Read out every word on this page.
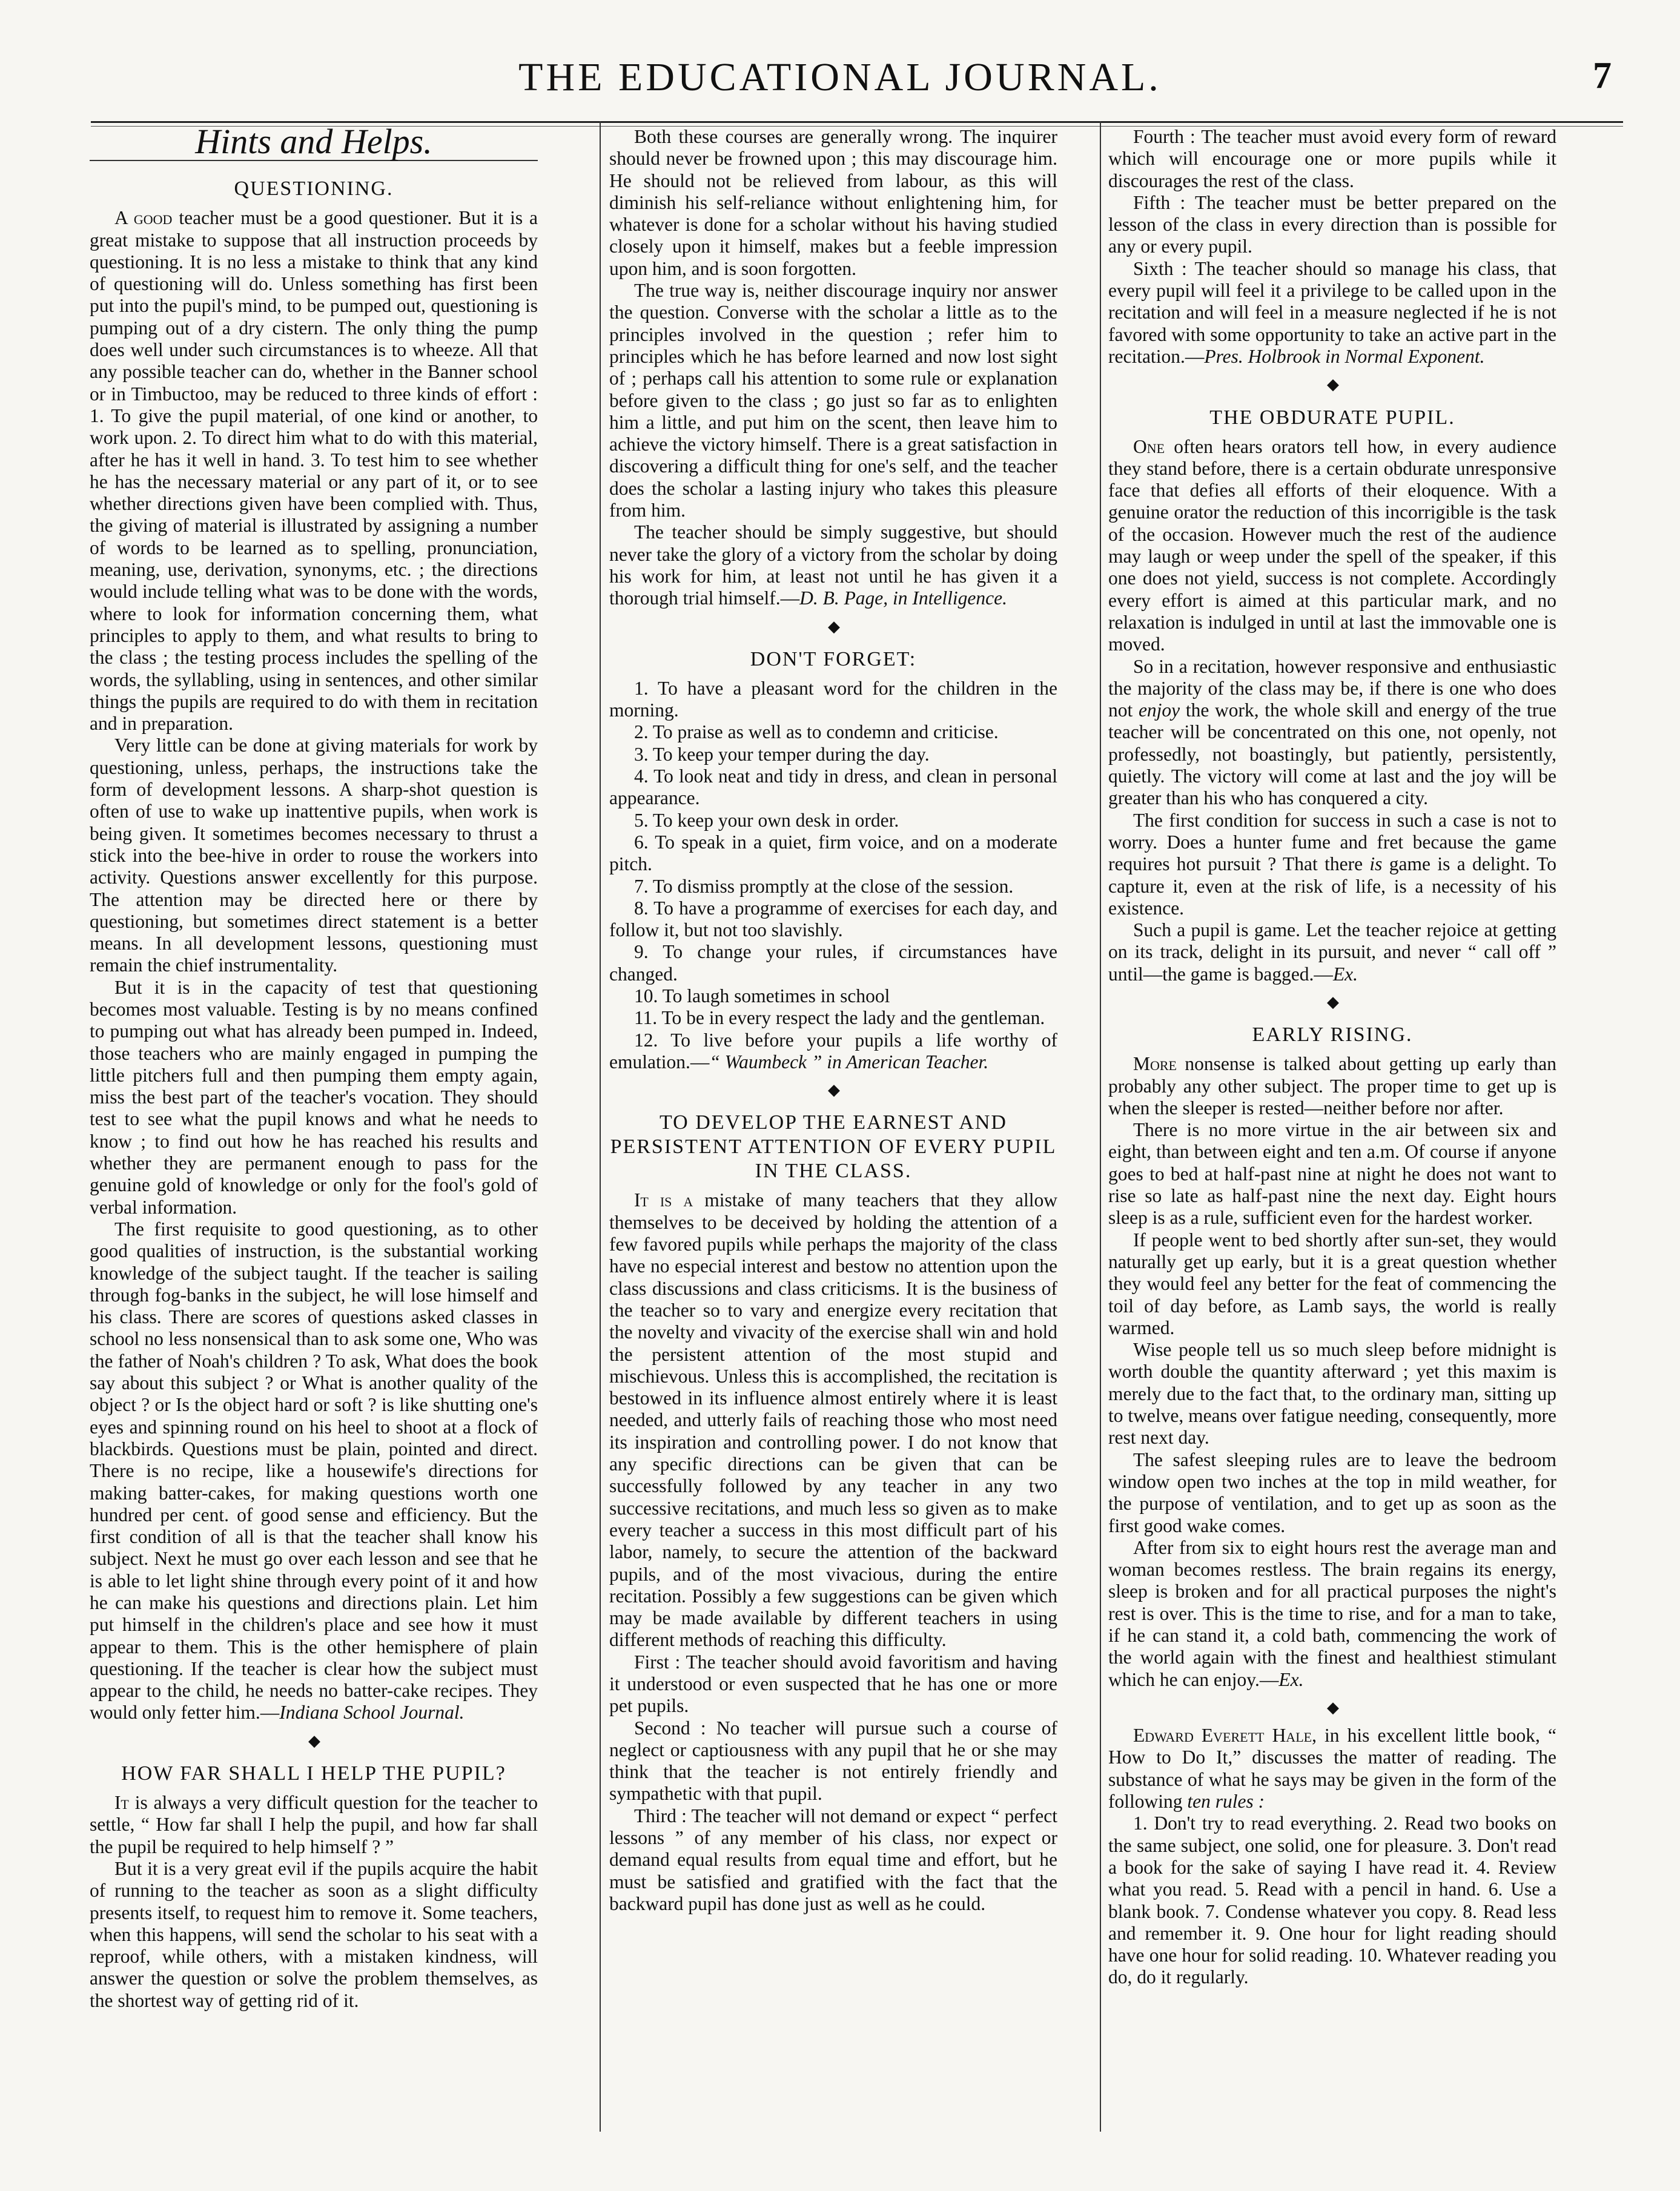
THE EDUCATIONAL JOURNAL.	7
Hints and Helps.
QUESTIONING.

A good teacher must be a good questioner. But it is a great mistake to suppose that all instruction proceeds by questioning. It is no less a mistake to think that any kind of questioning will do. Unless something has first been put into the pupil's mind, to be pumped out, questioning is pumping out of a dry cistern. The only thing the pump does well under such circumstances is to wheeze. All that any possible teacher can do, whether in the Banner school or in Timbuctoo, may be reduced to three kinds of effort : 1. To give the pupil material, of one kind or another, to work upon. 2. To direct him what to do with this material, after he has it well in hand. 3. To test him to see whether he has the necessary material or any part of it, or to see whether directions given have been complied with. Thus, the giving of material is illustrated by assigning a number of words to be learned as to spelling, pronunciation, meaning, use, derivation, synonyms, etc. ; the directions would include telling what was to be done with the words, where to look for information concerning them, what principles to apply to them, and what results to bring to the class ; the testing process includes the spelling of the words, the syllabling, using in sentences, and other similar things the pupils are required to do with them in recitation and in preparation.

Very little can be done at giving materials for work by questioning, unless, perhaps, the instructions take the form of development lessons. A sharp-shot question is often of use to wake up inattentive pupils, when work is being given. It sometimes becomes necessary to thrust a stick into the bee-hive in order to rouse the workers into activity. Questions answer excellently for this purpose. The attention may be directed here or there by questioning, but sometimes direct statement is a better means. In all development lessons, questioning must remain the chief instrumentality.

But it is in the capacity of test that questioning becomes most valuable. Testing is by no means confined to pumping out what has already been pumped in. Indeed, those teachers who are mainly engaged in pumping the little pitchers full and then pumping them empty again, miss the best part of the teacher's vocation. They should test to see what the pupil knows and what he needs to know ; to find out how he has reached his results and whether they are permanent enough to pass for the genuine gold of knowledge or only for the fool's gold of verbal information.

The first requisite to good questioning, as to other good qualities of instruction, is the substantial working knowledge of the subject taught. If the teacher is sailing through fog-banks in the subject, he will lose himself and his class. There are scores of questions asked classes in school no less nonsensical than to ask some one, Who was the father of Noah's children ? To ask, What does the book say about this subject ? or What is another quality of the object ? or Is the object hard or soft ? is like shutting one's eyes and spinning round on his heel to shoot at a flock of blackbirds. Questions must be plain, pointed and direct. There is no recipe, like a housewife's directions for making batter-cakes, for making questions worth one hundred per cent. of good sense and efficiency. But the first condition of all is that the teacher shall know his subject. Next he must go over each lesson and see that he is able to let light shine through every point of it and how he can make his questions and directions plain. Let him put himself in the children's place and see how it must appear to them. This is the other hemisphere of plain questioning. If the teacher is clear how the subject must appear to the child, he needs no batter-cake recipes. They would only fetter him.—Indiana School Journal.

◆
HOW FAR SHALL I HELP THE PUPIL?

It is always a very difficult question for the teacher to settle, “ How far shall I help the pupil, and how far shall the pupil be required to help himself ? ”

But it is a very great evil if the pupils acquire the habit of running to the teacher as soon as a slight difficulty presents itself, to request him to remove it. Some teachers, when this happens, will send the scholar to his seat with a reproof, while others, with a mistaken kindness, will answer the question or solve the problem themselves, as the shortest way of getting rid of it.

Both these courses are generally wrong. The inquirer should never be frowned upon ; this may discourage him. He should not be relieved from labour, as this will diminish his self-reliance without enlightening him, for whatever is done for a scholar without his having studied closely upon it himself, makes but a feeble impression upon him, and is soon forgotten.

The true way is, neither discourage inquiry nor answer the question. Converse with the scholar a little as to the principles involved in the question ; refer him to principles which he has before learned and now lost sight of ; perhaps call his attention to some rule or explanation before given to the class ; go just so far as to enlighten him a little, and put him on the scent, then leave him to achieve the victory himself. There is a great satisfaction in discovering a difficult thing for one's self, and the teacher does the scholar a lasting injury who takes this pleasure from him.

The teacher should be simply suggestive, but should never take the glory of a victory from the scholar by doing his work for him, at least not until he has given it a thorough trial himself.—D. B. Page, in Intelligence.

◆
DON'T FORGET:
1. To have a pleasant word for the children in the morning.
2. To praise as well as to condemn and criticise.
3. To keep your temper during the day.
4. To look neat and tidy in dress, and clean in personal appearance.
5. To keep your own desk in order.
6. To speak in a quiet, firm voice, and on a moderate pitch.
7. To dismiss promptly at the close of the session.
8. To have a programme of exercises for each day, and follow it, but not too slavishly.
9. To change your rules, if circumstances have changed.
10. To laugh sometimes in school
11. To be in every respect the lady and the gentleman.
12. To live before your pupils a life worthy of emulation.—“ Waumbeck ” in American Teacher.
◆
TO DEVELOP THE EARNEST AND PERSISTENT ATTENTION OF EVERY PUPIL IN THE CLASS.

It is a mistake of many teachers that they allow themselves to be deceived by holding the attention of a few favored pupils while perhaps the majority of the class have no especial interest and bestow no attention upon the class discussions and class criticisms. It is the business of the teacher so to vary and energize every recitation that the novelty and vivacity of the exercise shall win and hold the persistent attention of the most stupid and mischievous. Unless this is accomplished, the recitation is bestowed in its influence almost entirely where it is least needed, and utterly fails of reaching those who most need its inspiration and controlling power. I do not know that any specific directions can be given that can be successfully followed by any teacher in any two successive recitations, and much less so given as to make every teacher a success in this most difficult part of his labor, namely, to secure the attention of the backward pupils, and of the most vivacious, during the entire recitation. Possibly a few suggestions can be given which may be made available by different teachers in using different methods of reaching this difficulty.

First : The teacher should avoid favoritism and having it understood or even suspected that he has one or more pet pupils.

Second : No teacher will pursue such a course of neglect or captiousness with any pupil that he or she may think that the teacher is not entirely friendly and sympathetic with that pupil.

Third : The teacher will not demand or expect “ perfect lessons ” of any member of his class, nor expect or demand equal results from equal time and effort, but he must be satisfied and gratified with the fact that the backward pupil has done just as well as he could.

Fourth : The teacher must avoid every form of reward which will encourage one or more pupils while it discourages the rest of the class.

Fifth : The teacher must be better prepared on the lesson of the class in every direction than is possible for any or every pupil.

Sixth : The teacher should so manage his class, that every pupil will feel it a privilege to be called upon in the recitation and will feel in a measure neglected if he is not favored with some opportunity to take an active part in the recitation.—Pres. Holbrook in Normal Exponent.

◆
THE OBDURATE PUPIL.

One often hears orators tell how, in every audience they stand before, there is a certain obdurate unresponsive face that defies all efforts of their eloquence. With a genuine orator the reduction of this incorrigible is the task of the occasion. However much the rest of the audience may laugh or weep under the spell of the speaker, if this one does not yield, success is not complete. Accordingly every effort is aimed at this particular mark, and no relaxation is indulged in until at last the immovable one is moved.

So in a recitation, however responsive and enthusiastic the majority of the class may be, if there is one who does not enjoy the work, the whole skill and energy of the true teacher will be concentrated on this one, not openly, not professedly, not boastingly, but patiently, persistently, quietly. The victory will come at last and the joy will be greater than his who has conquered a city.

The first condition for success in such a case is not to worry. Does a hunter fume and fret because the game requires hot pursuit ? That there is game is a delight. To capture it, even at the risk of life, is a necessity of his existence.

Such a pupil is game. Let the teacher rejoice at getting on its track, delight in its pursuit, and never “ call off ” until—the game is bagged.—Ex.

◆
EARLY RISING.

More nonsense is talked about getting up early than probably any other subject. The proper time to get up is when the sleeper is rested—neither before nor after.

There is no more virtue in the air between six and eight, than between eight and ten a.m. Of course if anyone goes to bed at half-past nine at night he does not want to rise so late as half-past nine the next day. Eight hours sleep is as a rule, sufficient even for the hardest worker.

If people went to bed shortly after sun-set, they would naturally get up early, but it is a great question whether they would feel any better for the feat of commencing the toil of day before, as Lamb says, the world is really warmed.

Wise people tell us so much sleep before midnight is worth double the quantity afterward ; yet this maxim is merely due to the fact that, to the ordinary man, sitting up to twelve, means over fatigue needing, consequently, more rest next day.

The safest sleeping rules are to leave the bedroom window open two inches at the top in mild weather, for the purpose of ventilation, and to get up as soon as the first good wake comes.

After from six to eight hours rest the average man and woman becomes restless. The brain regains its energy, sleep is broken and for all practical purposes the night's rest is over. This is the time to rise, and for a man to take, if he can stand it, a cold bath, commencing the work of the world again with the finest and healthiest stimulant which he can enjoy.—Ex.

◆

Edward Everett Hale, in his excellent little book, “ How to Do It,” discusses the matter of reading. The substance of what he says may be given in the form of the following ten rules :

1. Don't try to read everything. 2. Read two books on the same subject, one solid, one for pleasure. 3. Don't read a book for the sake of saying I have read it. 4. Review what you read. 5. Read with a pencil in hand. 6. Use a blank book. 7. Condense whatever you copy. 8. Read less and remember it. 9. One hour for light reading should have one hour for solid reading. 10. Whatever reading you do, do it regularly.
